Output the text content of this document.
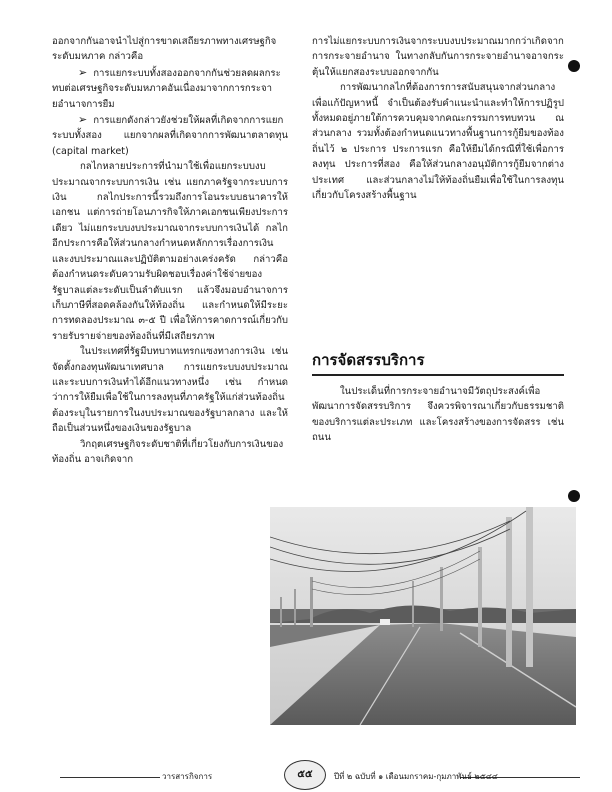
ออกจากกันอาจนำไปสู่การขาดเสถียรภาพทางเศรษฐกิจระดับมหภาค กล่าวคือ

➢ การแยกระบบทั้งสองออกจากกันช่วยลดผลกระทบต่อเศรษฐกิจระดับมหภาคอันเนื่องมาจากการกระจายอำนาจการยืม

➢ การแยกดังกล่าวยังช่วยให้ผลที่เกิดจากการแยกระบบทั้งสอง แยกจากผลที่เกิดจากการพัฒนาตลาดทุน (capital market)

กลไกหลายประการที่นำมาใช้เพื่อแยกระบบงบประมาณจากระบบการเงิน เช่น แยกภาครัฐจากระบบการเงิน กลไกประการนี้รวมถึงการโอนระบบธนาคารให้เอกชน แต่การถ่ายโอนภารกิจให้ภาคเอกชนเพียงประการเดียว ไม่แยกระบบงบประมาณจากระบบการเงินได้ กลไกอีกประการคือให้ส่วนกลางกำหนดหลักการเรื่องการเงินและงบประมาณและปฏิบัติตามอย่างเคร่งครัด กล่าวคือต้องกำหนดระดับความรับผิดชอบเรื่องค่าใช้จ่ายของรัฐบาลแต่ละระดับเป็นลำดับแรก แล้วจึงมอบอำนาจการเก็บภาษีที่สอดคล้องกันให้ท้องถิ่น และกำหนดให้มีระยะการทดลองประมาณ ๓-๕ ปี เพื่อให้การคาดการณ์เกี่ยวกับรายรับรายจ่ายของท้องถิ่นที่มีเสถียรภาพ

ในประเทศที่รัฐมีบทบาทแทรกแซงทางการเงิน เช่น จัดตั้งกองทุนพัฒนาเทศบาล การแยกระบบงบประมาณและระบบการเงินทำได้อีกแนวทางหนึ่ง เช่น กำหนดว่าการให้ยืมเพื่อใช้ในการลงทุนที่ภาครัฐให้แก่ส่วนท้องถิ่น ต้องระบุในรายการในงบประมาณของรัฐบาลกลาง และให้ถือเป็นส่วนหนึ่งของเงินของรัฐบาล

วิกฤตเศรษฐกิจระดับชาติที่เกี่ยวโยงกับการเงินของท้องถิ่น อาจเกิดจาก

การไม่แยกระบบการเงินจากระบบงบประมาณมากกว่าเกิดจากการกระจายอำนาจ ในทางกลับกันการกระจายอำนาจอาจกระตุ้นให้แยกสองระบบออกจากกัน

การพัฒนากลไกที่ต้องการการสนับสนุนจากส่วนกลางเพื่อแก้ปัญหาหนี้ จำเป็นต้องรับคำแนะนำและทำให้การปฏิรูปทั้งหมดอยู่ภายใต้การควบคุมจากคณะกรรมการทบทวน ณ ส่วนกลาง รวมทั้งต้องกำหนดแนวทางพื้นฐานการกู้ยืมของท้องถิ่นไว้ ๒ ประการ ประการแรก คือให้ยืมได้กรณีที่ใช้เพื่อการลงทุน ประการที่สอง คือให้ส่วนกลางอนุมัติการกู้ยืมจากต่างประเทศ และส่วนกลางไม่ให้ท้องถิ่นยืมเพื่อใช้ในการลงทุนเกี่ยวกับโครงสร้างพื้นฐาน

การจัดสรรบริการ

ในประเด็นที่การกระจายอำนาจมีวัตถุประสงค์เพื่อพัฒนาการจัดสรรบริการ จึงควรพิจารณาเกี่ยวกับธรรมชาติของบริการแต่ละประเภท และโครงสร้างของการจัดสรร เช่น ถนน

วารสารกิจการ	๕๕	ปีที่ ๒ ฉบับที่ ๑ เดือนมกราคม-กุมภาพันธ์ ๒๕๔๔
